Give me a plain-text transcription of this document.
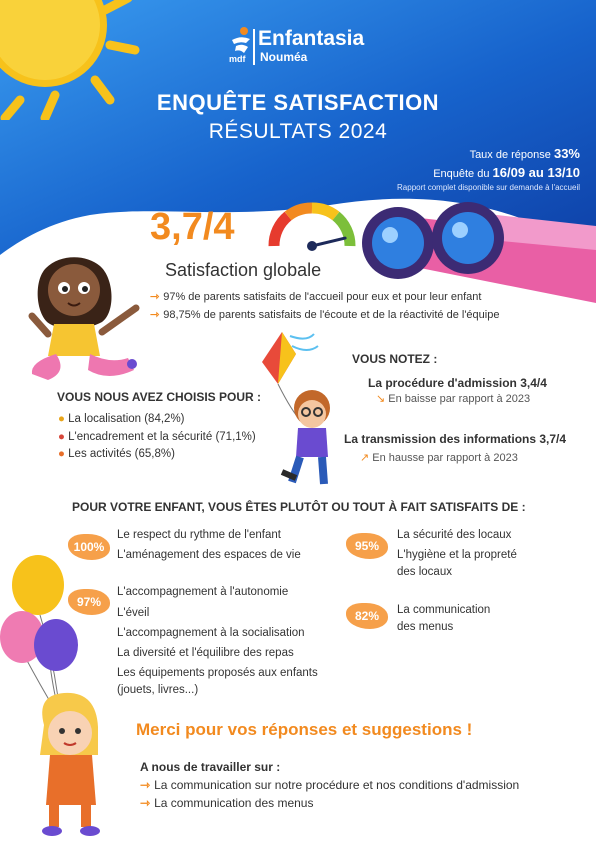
mdf
Enfantasia
Nouméa
ENQUÊTE SATISFACTION
RÉSULTATS 2024
Taux de réponse 33%
Enquête du 16/09 au 13/10
Rapport complet disponible sur demande à l'accueil
3,7/4
Satisfaction globale
⇾ 97% de parents satisfaits de l'accueil pour eux et pour leur enfant
⇾ 98,75% de parents satisfaits de l'écoute et de la réactivité de l'équipe
VOUS NOUS AVEZ CHOISIS POUR :
● La localisation (84,2%)
● L'encadrement et la sécurité (71,1%)
● Les activités (65,8%)
VOUS NOTEZ :
La procédure d'admission 3,4/4
↘ En baisse par rapport à 2023
La transmission des informations 3,7/4
↗ En hausse par rapport à 2023
POUR VOTRE ENFANT, VOUS ÊTES PLUTÔT OU TOUT À FAIT SATISFAITS DE :
100%
Le respect du rythme de l'enfant
L'aménagement des espaces de vie
97%
L'accompagnement à l'autonomie
L'éveil
L'accompagnement à la socialisation
La diversité et l'équilibre des repas
Les équipements proposés aux enfants
(jouets, livres...)
95%
La sécurité des locaux
L'hygiène et la propreté
des locaux
82%	La communication
des menus
Merci pour vos réponses et suggestions !
A nous de travailler sur :
⇾ La communication sur notre procédure et nos conditions d'admission
⇾ La communication des menus
